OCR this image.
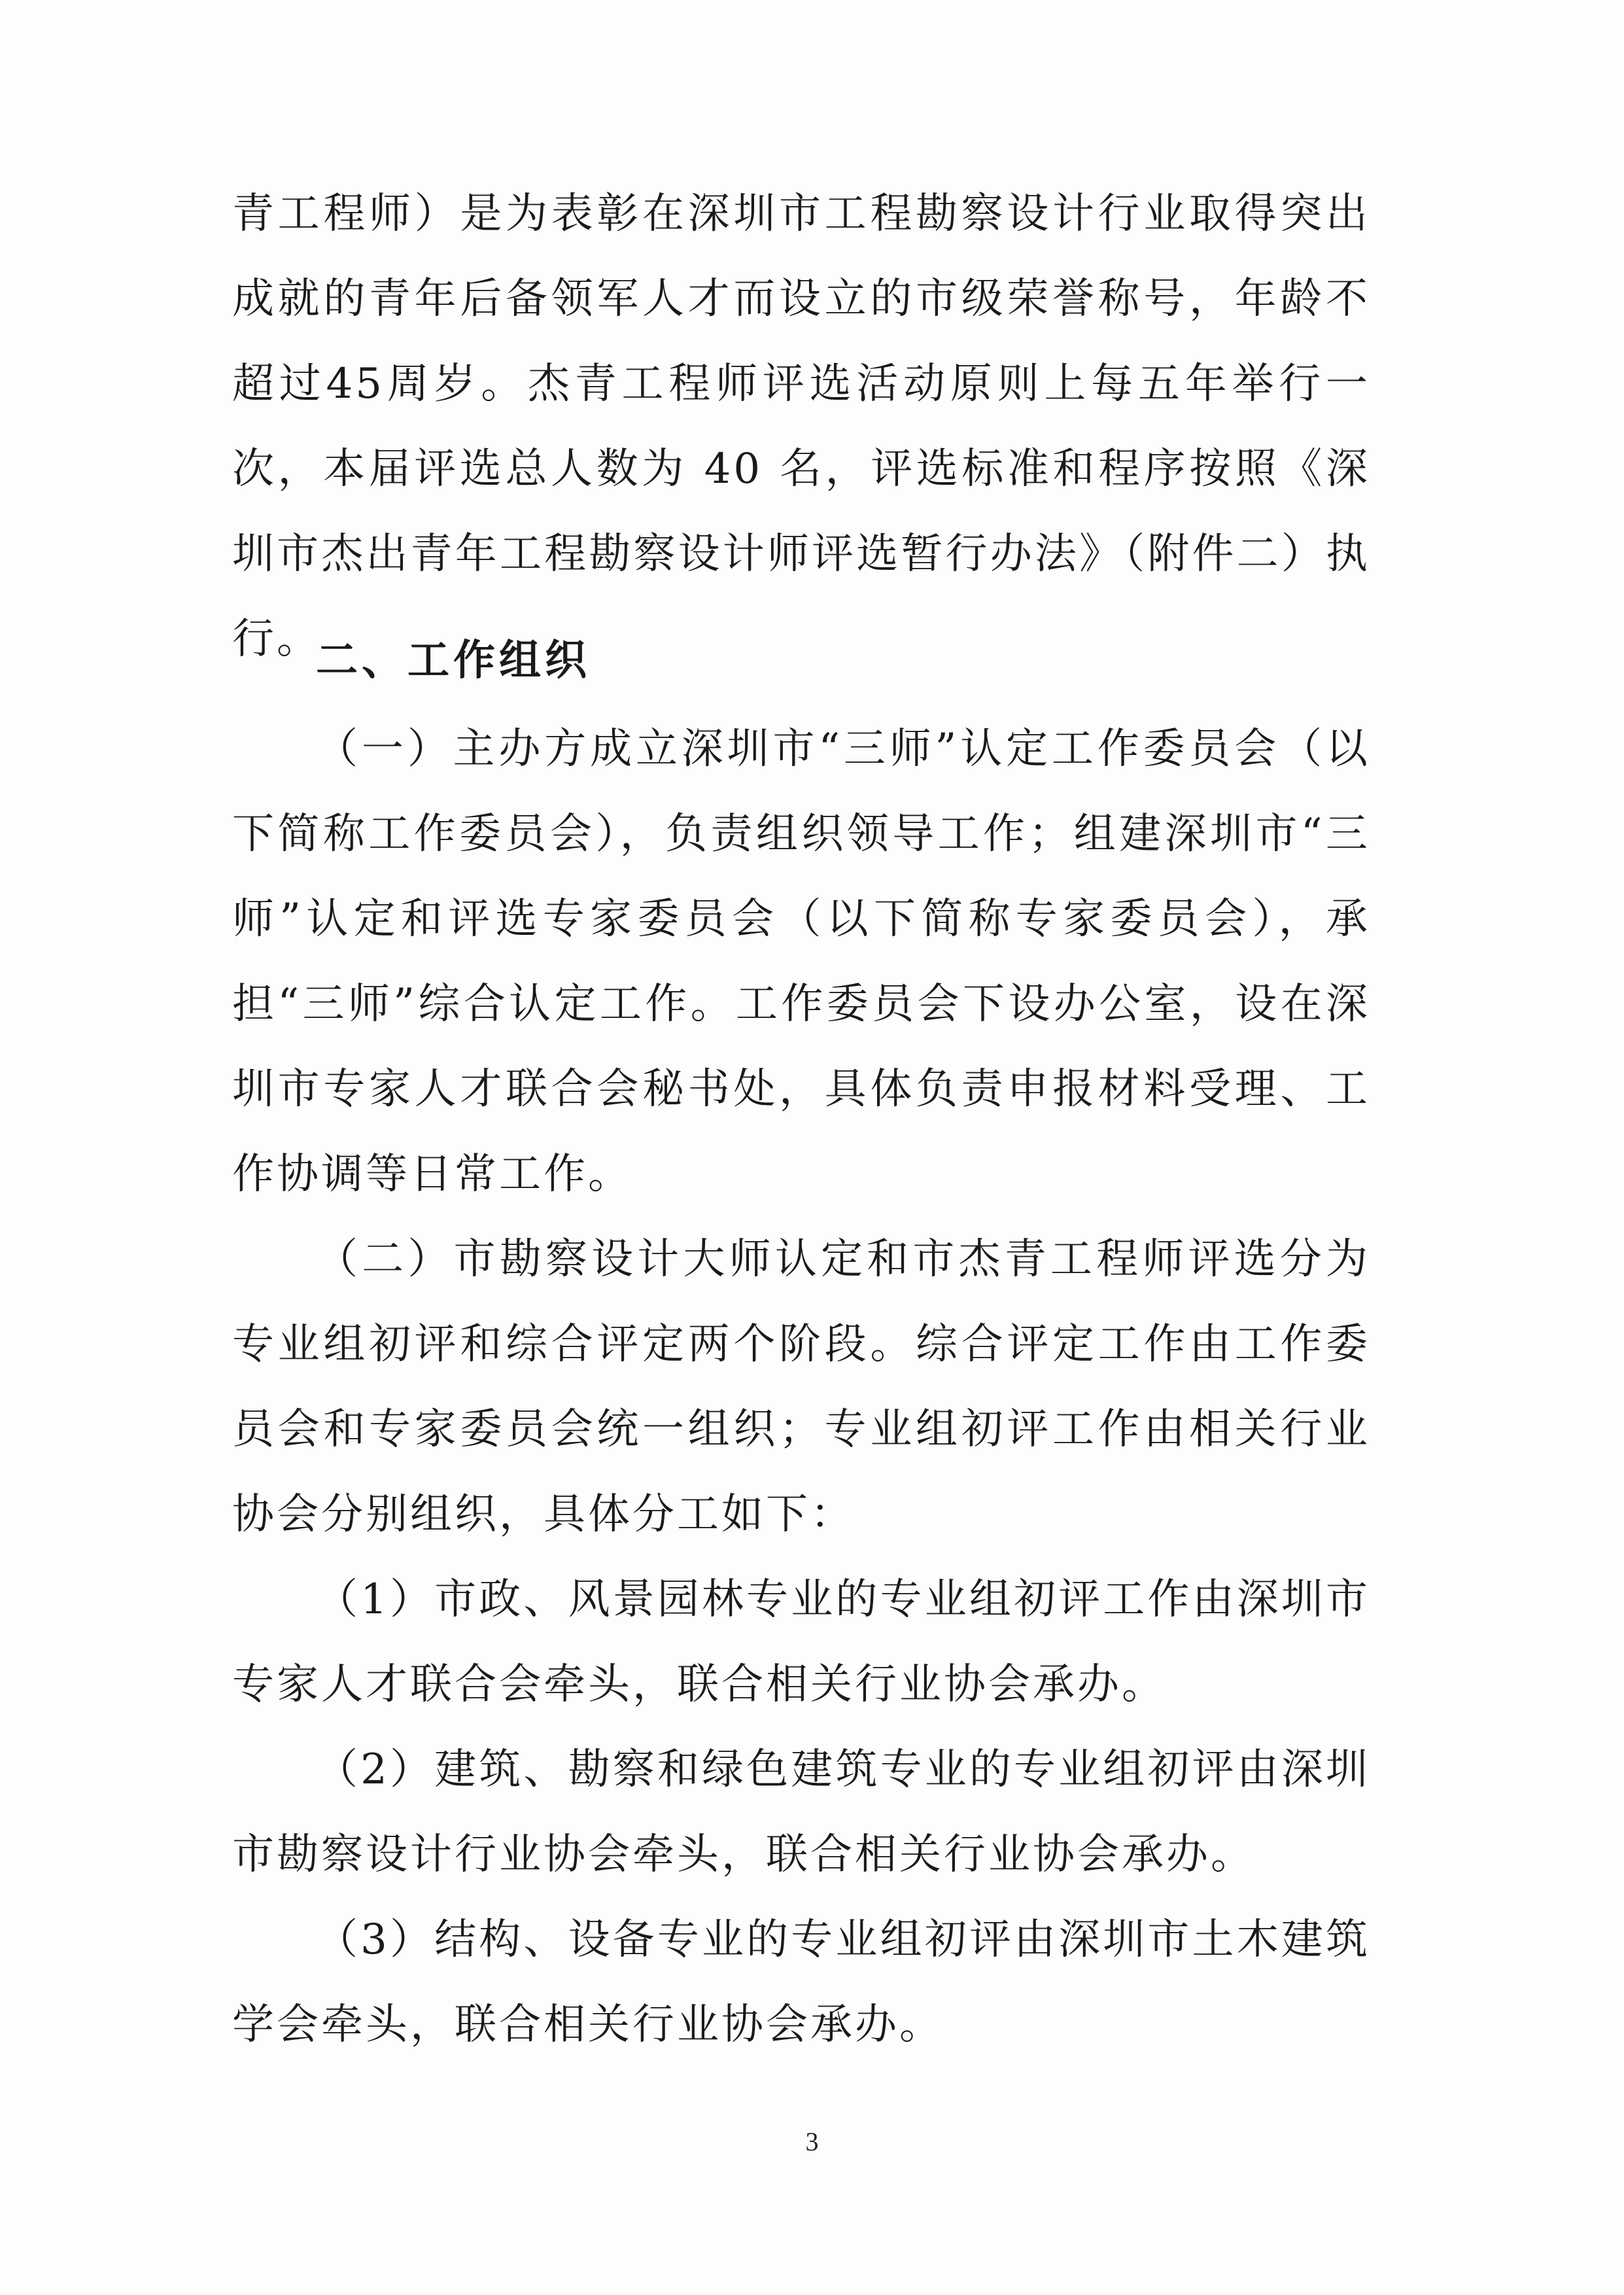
青工程师）是为表彰在深圳市工程勘察设计行业取得突出成就的青年后备领军人才而设立的市级荣誉称号，年龄不超过45周岁。杰青工程师评选活动原则上每五年举行一次，本届评选总人数为 40 名，评选标准和程序按照《深圳市杰出青年工程勘察设计师评选暂行办法》（附件二）执行。

二、工作组织

（一）主办方成立深圳市“三师”认定工作委员会（以下简称工作委员会），负责组织领导工作；组建深圳市“三师”认定和评选专家委员会（以下简称专家委员会），承担“三师”综合认定工作。工作委员会下设办公室，设在深圳市专家人才联合会秘书处，具体负责申报材料受理、工作协调等日常工作。

（二）市勘察设计大师认定和市杰青工程师评选分为专业组初评和综合评定两个阶段。综合评定工作由工作委员会和专家委员会统一组织；专业组初评工作由相关行业协会分别组织，具体分工如下：

（1）市政、风景园林专业的专业组初评工作由深圳市专家人才联合会牵头，联合相关行业协会承办。

（2）建筑、勘察和绿色建筑专业的专业组初评由深圳市勘察设计行业协会牵头，联合相关行业协会承办。

（3）结构、设备专业的专业组初评由深圳市土木建筑学会牵头，联合相关行业协会承办。

3
